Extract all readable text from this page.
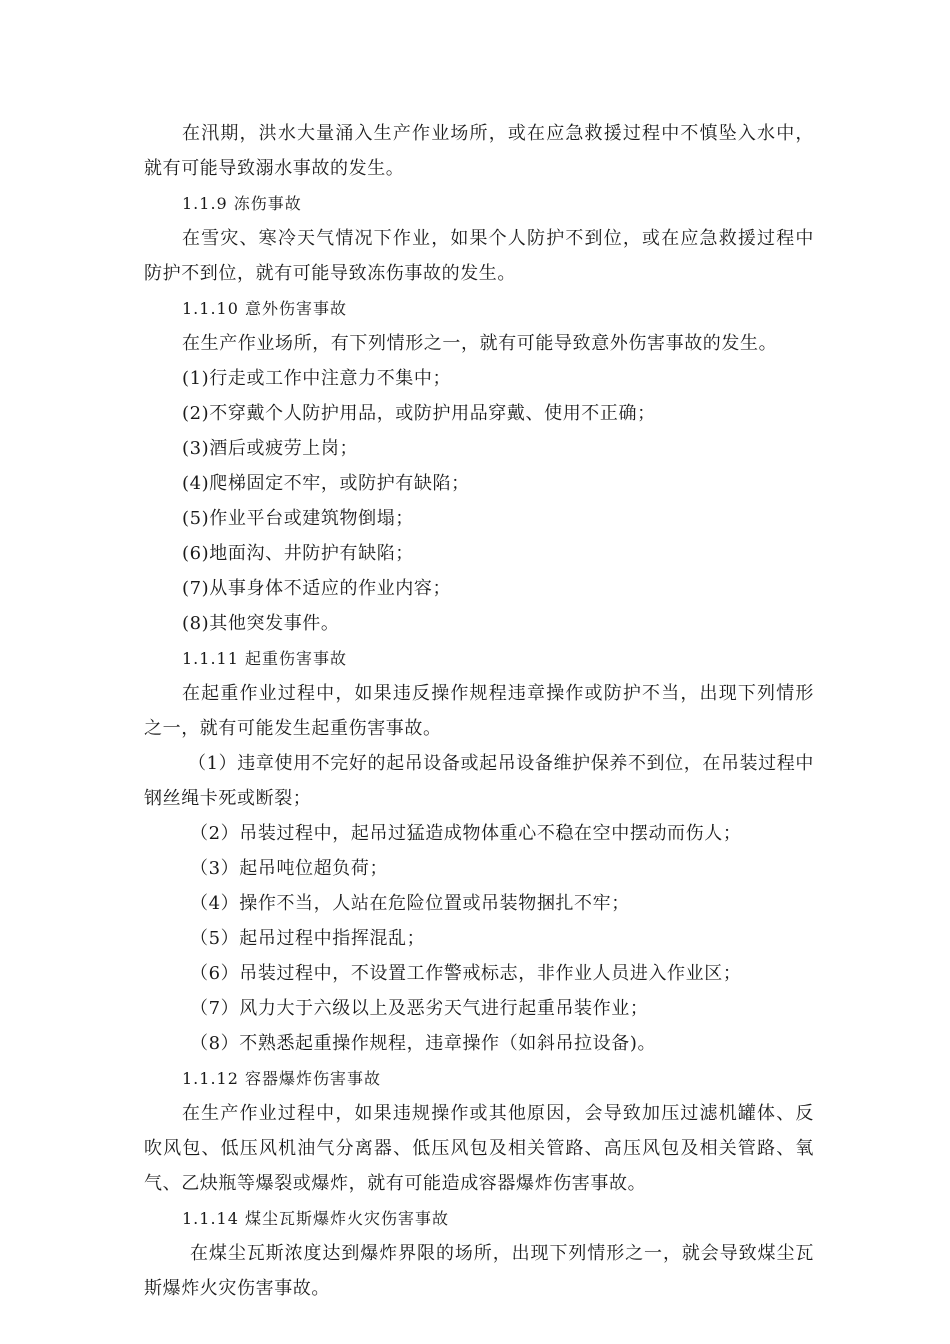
在汛期，洪水大量涌入生产作业场所，或在应急救援过程中不慎坠入水中，就有可能导致溺水事故的发生。

1.1.9 冻伤事故

在雪灾、寒冷天气情况下作业，如果个人防护不到位，或在应急救援过程中防护不到位，就有可能导致冻伤事故的发生。

1.1.10 意外伤害事故

在生产作业场所，有下列情形之一，就有可能导致意外伤害事故的发生。

(1)行走或工作中注意力不集中；

(2)不穿戴个人防护用品，或防护用品穿戴、使用不正确；

(3)酒后或疲劳上岗；

(4)爬梯固定不牢，或防护有缺陷；

(5)作业平台或建筑物倒塌；

(6)地面沟、井防护有缺陷；

(7)从事身体不适应的作业内容；

(8)其他突发事件。

1.1.11 起重伤害事故

在起重作业过程中，如果违反操作规程违章操作或防护不当，出现下列情形之一，就有可能发生起重伤害事故。

（1）违章使用不完好的起吊设备或起吊设备维护保养不到位，在吊装过程中钢丝绳卡死或断裂；

（2）吊装过程中，起吊过猛造成物体重心不稳在空中摆动而伤人；

（3）起吊吨位超负荷；

（4）操作不当，人站在危险位置或吊装物捆扎不牢；

（5）起吊过程中指挥混乱；

（6）吊装过程中，不设置工作警戒标志，非作业人员进入作业区；

（7）风力大于六级以上及恶劣天气进行起重吊装作业；

（8）不熟悉起重操作规程，违章操作（如斜吊拉设备)。

1.1.12 容器爆炸伤害事故

在生产作业过程中，如果违规操作或其他原因，会导致加压过滤机罐体、反吹风包、低压风机油气分离器、低压风包及相关管路、高压风包及相关管路、氧气、乙炔瓶等爆裂或爆炸，就有可能造成容器爆炸伤害事故。

1.1.14 煤尘瓦斯爆炸火灾伤害事故

在煤尘瓦斯浓度达到爆炸界限的场所，出现下列情形之一，就会导致煤尘瓦斯爆炸火灾伤害事故。
